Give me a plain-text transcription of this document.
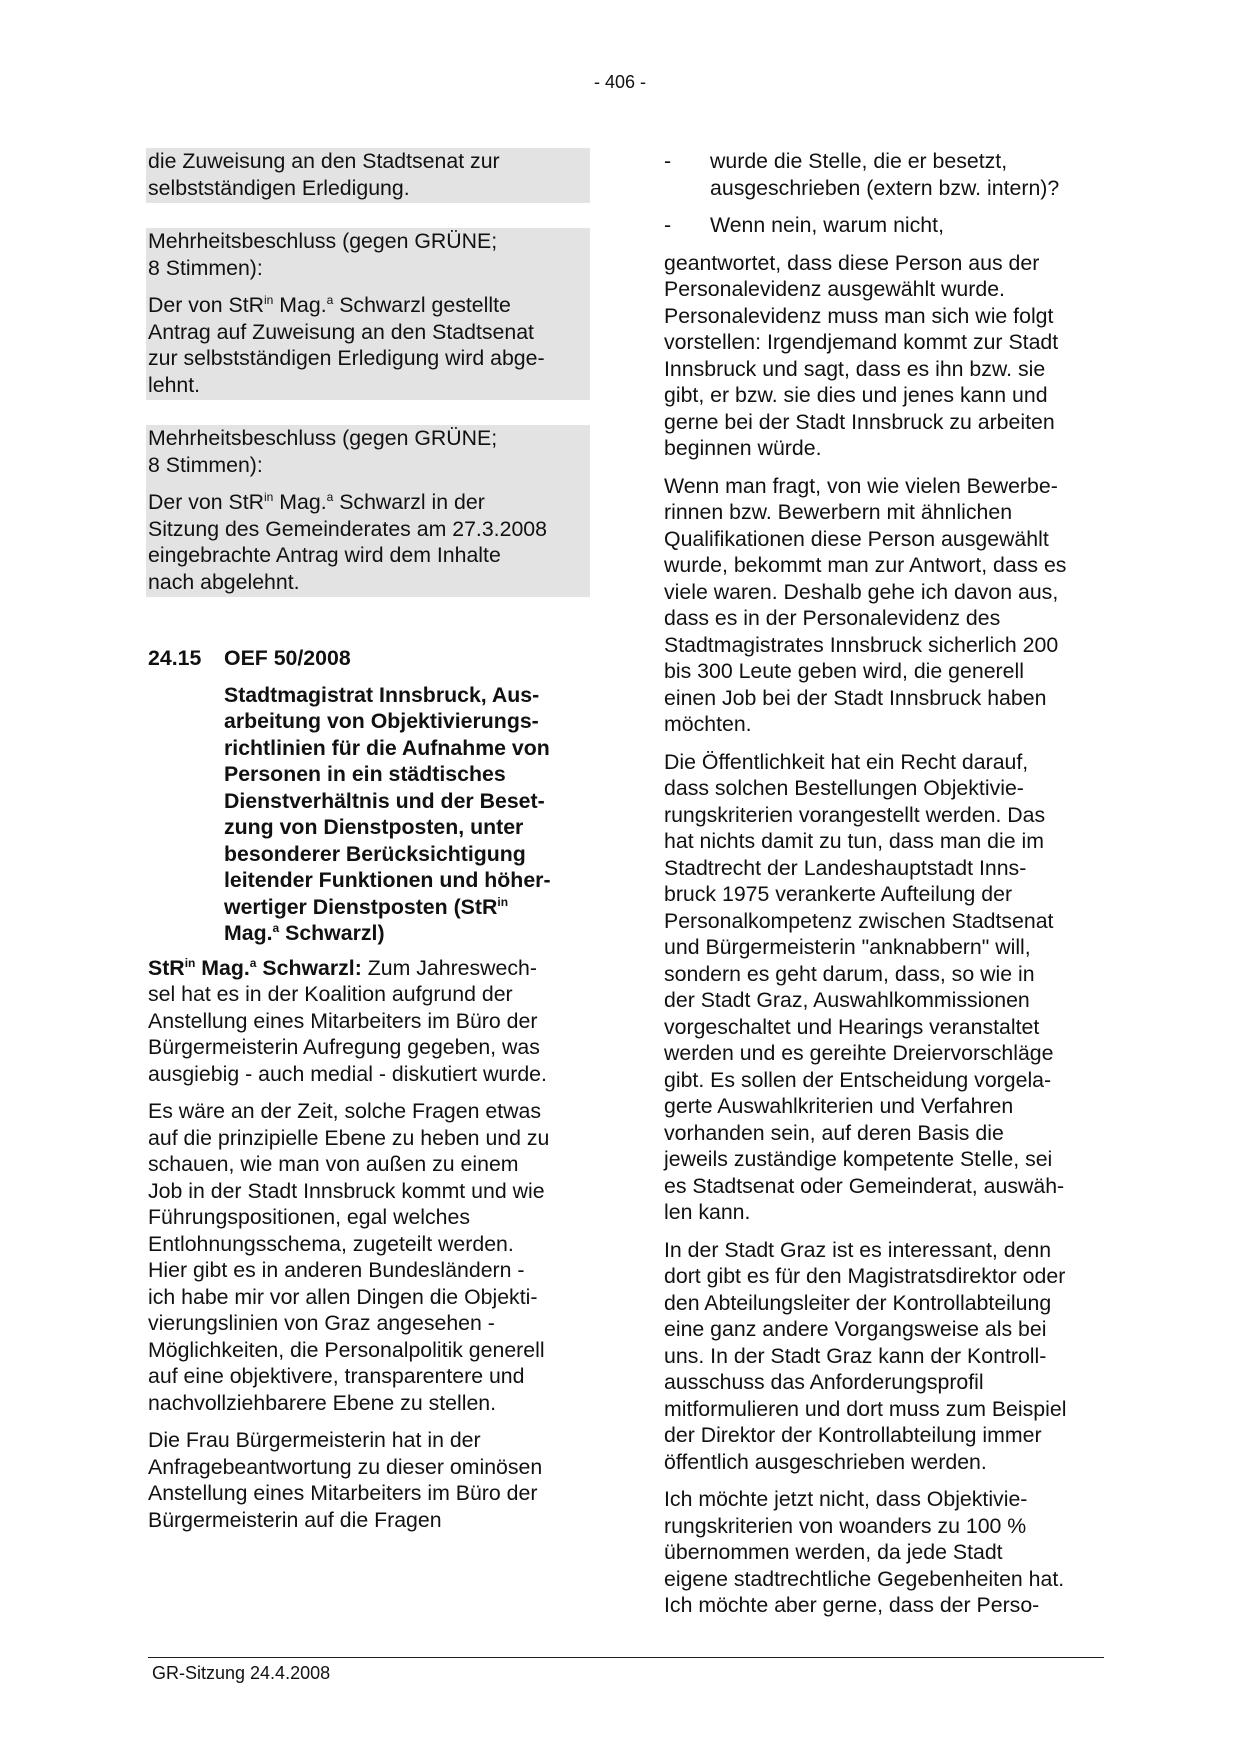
- 406 -
die Zuweisung an den Stadtsenat zur
selbstständigen Erledigung.
Mehrheitsbeschluss (gegen GRÜNE;
8 Stimmen):
Der von StR$^{in}$ Mag.$^a$ Schwarzl gestellte
Antrag auf Zuweisung an den Stadtsenat
zur selbstständigen Erledigung wird abge-
lehnt.
Mehrheitsbeschluss (gegen GRÜNE;
8 Stimmen):
Der von StR$^{in}$ Mag.$^a$ Schwarzl in der
Sitzung des Gemeinderates am 27.3.2008
eingebrachte Antrag wird dem Inhalte
nach abgelehnt.
24.15	OEF 50/2008
Stadtmagistrat Innsbruck, Aus-
arbeitung von Objektivierungs-
richtlinien für die Aufnahme von
Personen in ein städtisches
Dienstverhältnis und der Beset-
zung von Dienstposten, unter
besonderer Berücksichtigung
leitender Funktionen und höher-
wertiger Dienstposten (StR$^{in}$
Mag.$^a$ Schwarzl)
StR$^{in}$ Mag.$^a$ Schwarzl: Zum Jahreswech-
sel hat es in der Koalition aufgrund der
Anstellung eines Mitarbeiters im Büro der
Bürgermeisterin Aufregung gegeben, was
ausgiebig - auch medial - diskutiert wurde.
Es wäre an der Zeit, solche Fragen etwas
auf die prinzipielle Ebene zu heben und zu
schauen, wie man von außen zu einem
Job in der Stadt Innsbruck kommt und wie
Führungspositionen, egal welches
Entlohnungsschema, zugeteilt werden.
Hier gibt es in anderen Bundesländern -
ich habe mir vor allen Dingen die Objekti-
vierungslinien von Graz angesehen -
Möglichkeiten, die Personalpolitik generell
auf eine objektivere, transparentere und
nachvollziehbarere Ebene zu stellen.
Die Frau Bürgermeisterin hat in der
Anfragebeantwortung zu dieser ominösen
Anstellung eines Mitarbeiters im Büro der
Bürgermeisterin auf die Fragen
-	wurde die Stelle, die er besetzt,
ausgeschrieben (extern bzw. intern)?
-	Wenn nein, warum nicht,
geantwortet, dass diese Person aus der
Personalevidenz ausgewählt wurde.
Personalevidenz muss man sich wie folgt
vorstellen: Irgendjemand kommt zur Stadt
Innsbruck und sagt, dass es ihn bzw. sie
gibt, er bzw. sie dies und jenes kann und
gerne bei der Stadt Innsbruck zu arbeiten
beginnen würde.
Wenn man fragt, von wie vielen Bewerbe-
rinnen bzw. Bewerbern mit ähnlichen
Qualifikationen diese Person ausgewählt
wurde, bekommt man zur Antwort, dass es
viele waren. Deshalb gehe ich davon aus,
dass es in der Personalevidenz des
Stadtmagistrates Innsbruck sicherlich 200
bis 300 Leute geben wird, die generell
einen Job bei der Stadt Innsbruck haben
möchten.
Die Öffentlichkeit hat ein Recht darauf,
dass solchen Bestellungen Objektivie-
rungskriterien vorangestellt werden. Das
hat nichts damit zu tun, dass man die im
Stadtrecht der Landeshauptstadt Inns-
bruck 1975 verankerte Aufteilung der
Personalkompetenz zwischen Stadtsenat
und Bürgermeisterin "anknabbern" will,
sondern es geht darum, dass, so wie in
der Stadt Graz, Auswahlkommissionen
vorgeschaltet und Hearings veranstaltet
werden und es gereihte Dreiervorschläge
gibt. Es sollen der Entscheidung vorgela-
gerte Auswahlkriterien und Verfahren
vorhanden sein, auf deren Basis die
jeweils zuständige kompetente Stelle, sei
es Stadtsenat oder Gemeinderat, auswäh-
len kann.
In der Stadt Graz ist es interessant, denn
dort gibt es für den Magistratsdirektor oder
den Abteilungsleiter der Kontrollabteilung
eine ganz andere Vorgangsweise als bei
uns. In der Stadt Graz kann der Kontroll-
ausschuss das Anforderungsprofil
mitformulieren und dort muss zum Beispiel
der Direktor der Kontrollabteilung immer
öffentlich ausgeschrieben werden.
Ich möchte jetzt nicht, dass Objektivie-
rungskriterien von woanders zu 100 %
übernommen werden, da jede Stadt
eigene stadtrechtliche Gegebenheiten hat.
Ich möchte aber gerne, dass der Perso-
GR-Sitzung 24.4.2008
